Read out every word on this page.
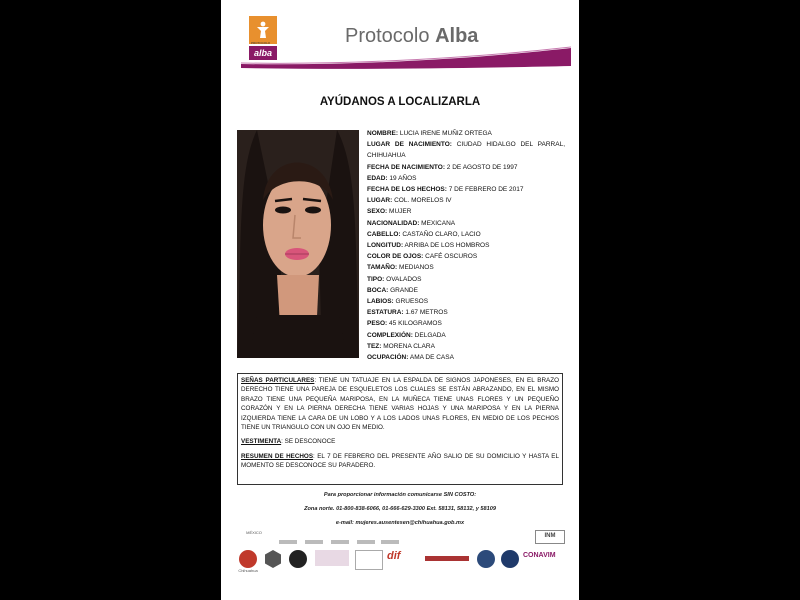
PROTOCOLO
alba
Protocolo Alba
AYÚDANOS A LOCALIZARLA
NOMBRE: LUCIA IRENE MUÑIZ ORTEGA
LUGAR DE NACIMIENTO: CIUDAD HIDALGO DEL PARRAL, CHIHUAHUA
FECHA DE NACIMIENTO: 2 DE AGOSTO DE 1997
EDAD: 19 AÑOS
FECHA DE LOS HECHOS: 7 DE FEBRERO DE 2017
LUGAR: COL. MORELOS IV
SEXO: MUJER
NACIONALIDAD: MEXICANA
CABELLO: CASTAÑO CLARO, LACIO
LONGITUD: ARRIBA DE LOS HOMBROS
COLOR DE OJOS: CAFÉ OSCUROS
TAMAÑO: MEDIANOS
TIPO: OVALADOS
BOCA: GRANDE
LABIOS: GRUESOS
ESTATURA: 1.67 METROS
PESO: 45 KILOGRAMOS
COMPLEXIÓN: DELGADA
TEZ: MORENA CLARA
OCUPACIÓN: AMA DE CASA

SEÑAS PARTICULARES: TIENE UN TATUAJE EN LA ESPALDA DE SIGNOS JAPONESES, EN EL BRAZO DERECHO TIENE UNA PAREJA DE ESQUELETOS LOS CUALES SE ESTÁN ABRAZANDO, EN EL MISMO BRAZO TIENE UNA PEQUEÑA MARIPOSA, EN LA MUÑECA TIENE UNAS FLORES Y UN PEQUEÑO CORAZÓN Y EN LA PIERNA DERECHA TIENE VARIAS HOJAS Y UNA MARIPOSA Y EN LA PIERNA IZQUIERDA TIENE LA CARA DE UN LOBO Y A LOS LADOS UNAS FLORES, EN MEDIO DE LOS PECHOS TIENE UN TRIANGULO CON UN OJO EN MEDIO.

VESTIMENTA: SE DESCONOCE

RESUMEN DE HECHOS: EL 7 DE FEBRERO DEL PRESENTE AÑO SALIO DE SU DOMICILIO Y HASTA EL MOMENTO SE DESCONOCE SU PARADERO.

Para proporcionar información comunicarse SIN COSTO:
Zona norte. 01-800-838-6066, 01-666-629-3300 Ext. 58131, 58132, y 58109
e-mail: mujeres.ausentesen@chihuahua.gob.mx
MÉXICO
INM
Chihuahua
dif	CONAVIM
